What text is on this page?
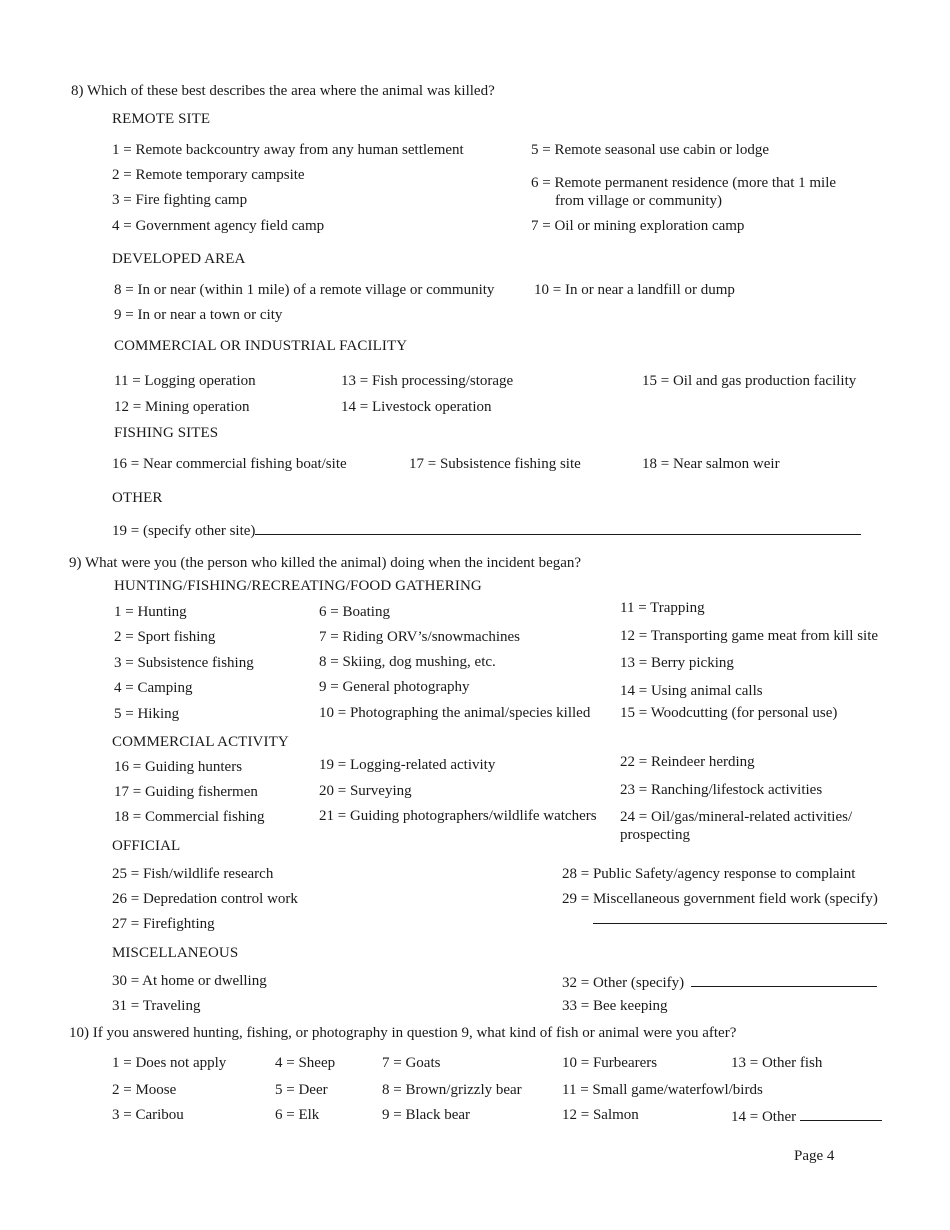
8) Which of these best describes the area where the animal was killed?
REMOTE SITE
1 = Remote backcountry away from any human settlement
2 = Remote temporary campsite
3 = Fire fighting camp
4 = Government agency field camp
5 = Remote seasonal use cabin or lodge
6 = Remote permanent residence (more that 1 mile
from village or community)
7 = Oil or mining exploration camp
DEVELOPED AREA
8 = In or near (within 1 mile) of a remote village or community
9 = In or near a town or city
10 = In or near a landfill or dump
COMMERCIAL OR INDUSTRIAL FACILITY
11 = Logging operation
12 = Mining operation
13 = Fish processing/storage
14 = Livestock operation
15 = Oil and gas production facility
FISHING SITES
16 = Near commercial fishing boat/site	17 = Subsistence fishing site	18 = Near salmon weir
OTHER
19 = (specify other site)
9) What were you (the person who killed the animal) doing when the incident began?
HUNTING/FISHING/RECREATING/FOOD GATHERING
1 = Hunting
2 = Sport fishing
3 = Subsistence fishing
4 = Camping
5 = Hiking
6 = Boating
7 = Riding ORV’s/snowmachines
8 = Skiing, dog mushing, etc.
9 = General photography
10 = Photographing the animal/species killed
11 = Trapping
12 = Transporting game meat from kill site
13 = Berry picking
14 = Using animal calls
15 = Woodcutting (for personal use)
COMMERCIAL ACTIVITY
16 = Guiding hunters
17 = Guiding fishermen
18 = Commercial fishing
19 = Logging-related activity
20 = Surveying
21 = Guiding photographers/wildlife watchers
22 = Reindeer herding
23 = Ranching/lifestock activities
24 = Oil/gas/mineral-related activities/
prospecting
OFFICIAL
25 = Fish/wildlife research
26 = Depredation control work
27 = Firefighting
28 = Public Safety/agency response to complaint
29 = Miscellaneous government field work (specify)
MISCELLANEOUS
30 = At home or dwelling
31 = Traveling
32 = Other (specify)
33 = Bee keeping
10) If you answered hunting, fishing, or photography in question 9, what kind of fish or animal were you after?
1 = Does not apply
2 = Moose
3 = Caribou
4 = Sheep
5 = Deer
6 = Elk
7 = Goats
8 = Brown/grizzly bear
9 = Black bear
10 = Furbearers
11 = Small game/waterfowl/birds
12 = Salmon
13 = Other fish
14 = Other
Page 4
